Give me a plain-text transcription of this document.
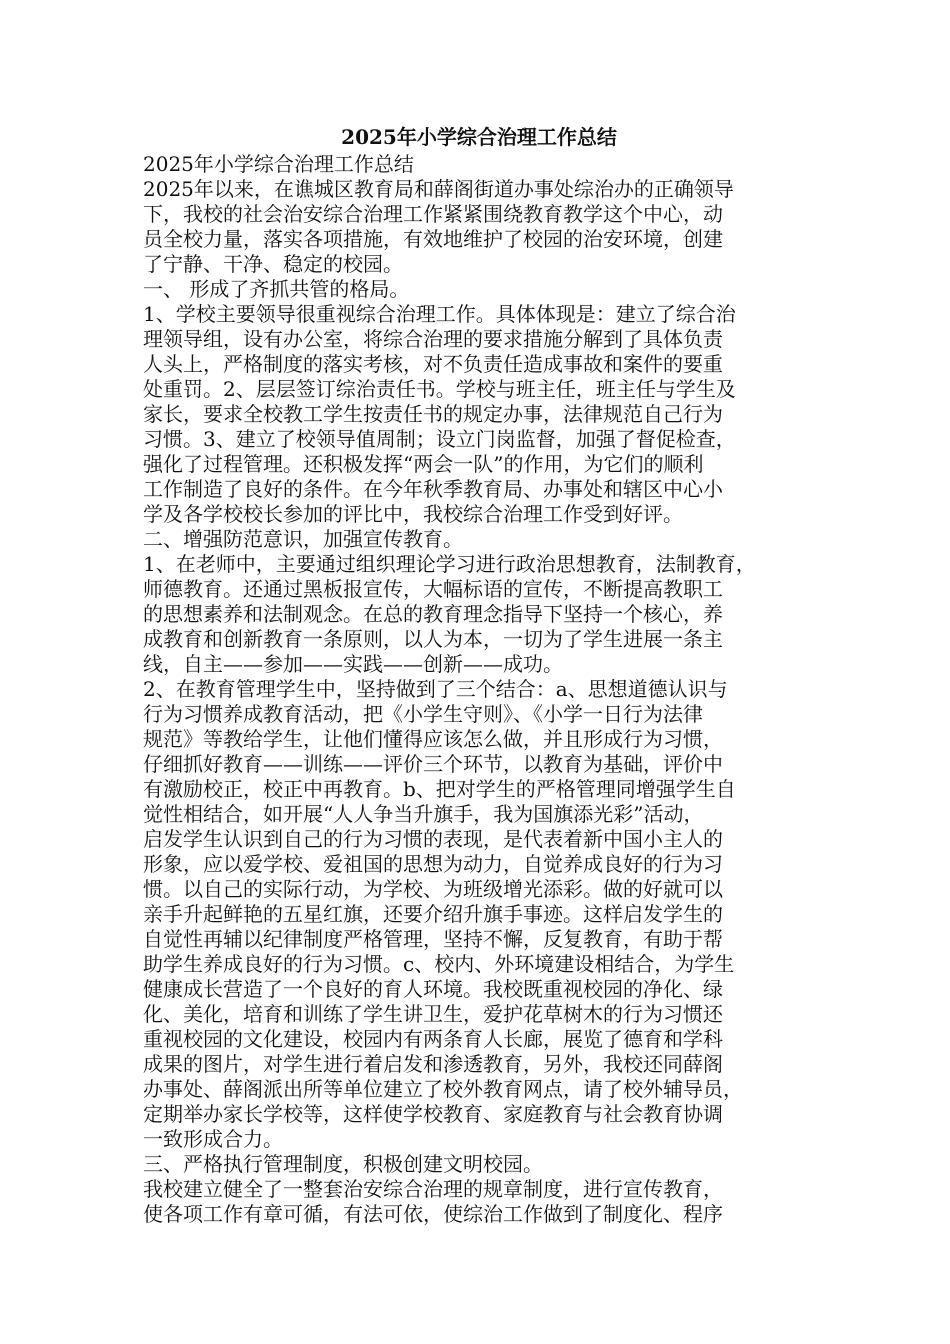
2025年小学综合治理工作总结

2025年小学综合治理工作总结

2025年以来，在谯城区教育局和薛阁街道办事处综治办的正确领导

下，我校的社会治安综合治理工作紧紧围绕教育教学这个中心，动

员全校力量，落实各项措施，有效地维护了校园的治安环境，创建

了宁静、干净、稳定的校园。

一、 形成了齐抓共管的格局。

1、学校主要领导很重视综合治理工作。具体体现是：建立了综合治

理领导组，设有办公室，将综合治理的要求措施分解到了具体负责

人头上，严格制度的落实考核，对不负责任造成事故和案件的要重

处重罚。2、层层签订综治责任书。学校与班主任，班主任与学生及

家长，要求全校教工学生按责任书的规定办事，法律规范自己行为

习惯。3、建立了校领导值周制；设立门岗监督，加强了督促检查，

强化了过程管理。还积极发挥“两会一队”的作用，为它们的顺利

工作制造了良好的条件。在今年秋季教育局、办事处和辖区中心小

学及各学校校长参加的评比中，我校综合治理工作受到好评。

二、增强防范意识，加强宣传教育。

1、在老师中，主要通过组织理论学习进行政治思想教育，法制教育，

师德教育。还通过黑板报宣传，大幅标语的宣传，不断提高教职工

的思想素养和法制观念。在总的教育理念指导下坚持一个核心，养

成教育和创新教育一条原则，以人为本，一切为了学生进展一条主

线，自主——参加——实践——创新——成功。

2、在教育管理学生中，坚持做到了三个结合：a、思想道德认识与

行为习惯养成教育活动，把《小学生守则》、《小学一日行为法律

规范》等教给学生，让他们懂得应该怎么做，并且形成行为习惯，

仔细抓好教育——训练——评价三个环节，以教育为基础，评价中

有激励校正，校正中再教育。b、把对学生的严格管理同增强学生自

觉性相结合，如开展“人人争当升旗手，我为国旗添光彩”活动，

启发学生认识到自己的行为习惯的表现，是代表着新中国小主人的

形象，应以爱学校、爱祖国的思想为动力，自觉养成良好的行为习

惯。以自己的实际行动，为学校、为班级增光添彩。做的好就可以

亲手升起鲜艳的五星红旗，还要介绍升旗手事迹。这样启发学生的

自觉性再辅以纪律制度严格管理，坚持不懈，反复教育，有助于帮

助学生养成良好的行为习惯。c、校内、外环境建设相结合，为学生

健康成长营造了一个良好的育人环境。我校既重视校园的净化、绿

化、美化，培育和训练了学生讲卫生，爱护花草树木的行为习惯还

重视校园的文化建设，校园内有两条育人长廊，展览了德育和学科

成果的图片，对学生进行着启发和渗透教育，另外，我校还同薛阁

办事处、薛阁派出所等单位建立了校外教育网点，请了校外辅导员，

定期举办家长学校等，这样使学校教育、家庭教育与社会教育协调

一致形成合力。

三、严格执行管理制度，积极创建文明校园。

我校建立健全了一整套治安综合治理的规章制度，进行宣传教育，

使各项工作有章可循，有法可依，使综治工作做到了制度化、程序
